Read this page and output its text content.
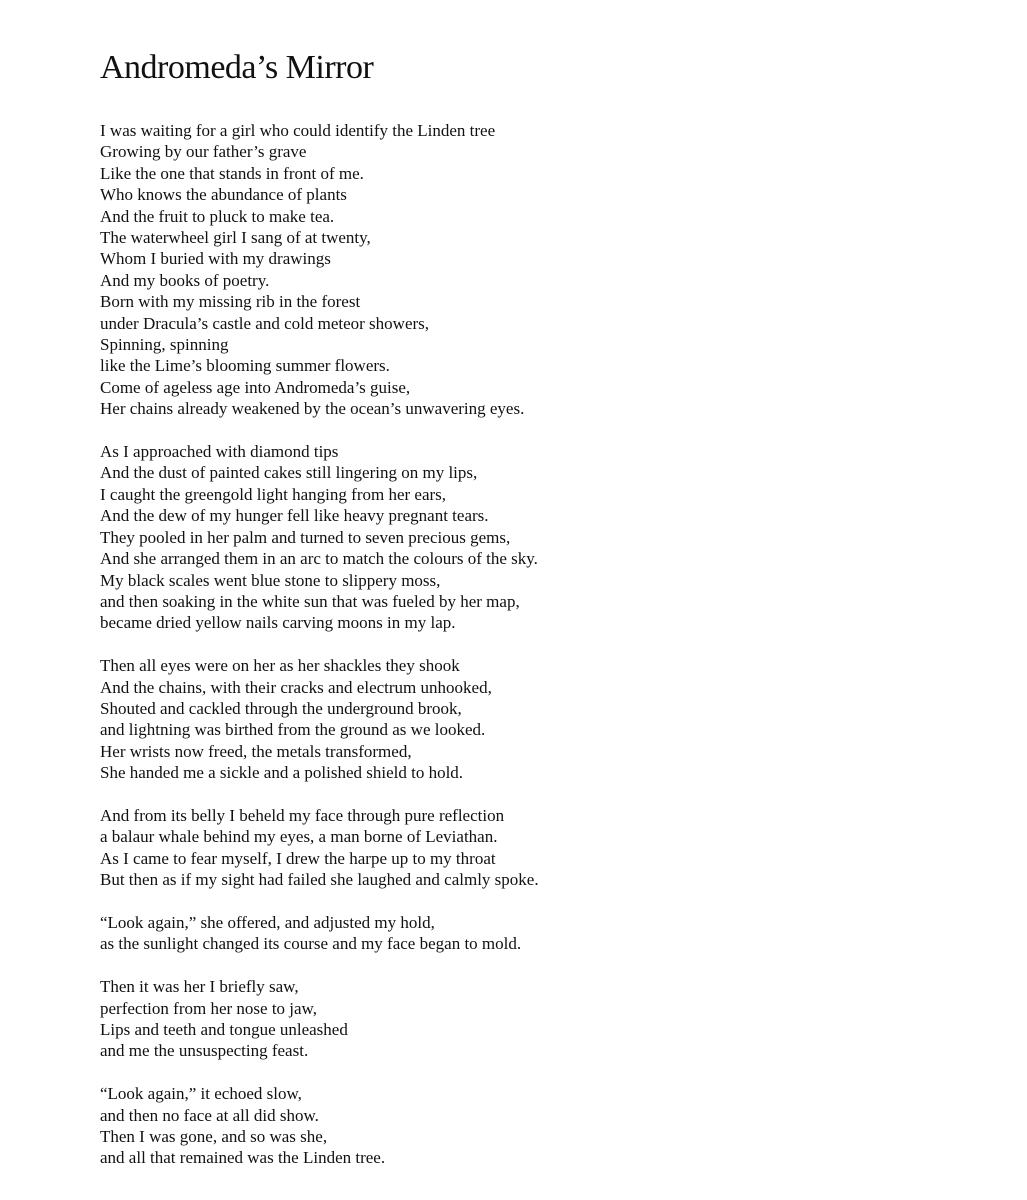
Andromeda’s Mirror
I was waiting for a girl who could identify the Linden tree
Growing by our father’s grave
Like the one that stands in front of me.
Who knows the abundance of plants
And the fruit to pluck to make tea.
The waterwheel girl I sang of at twenty,
Whom I buried with my drawings
And my books of poetry.
Born with my missing rib in the forest
under Dracula’s castle and cold meteor showers,
Spinning, spinning
like the Lime’s blooming summer flowers.
Come of ageless age into Andromeda’s guise,
Her chains already weakened by the ocean’s unwavering eyes.
As I approached with diamond tips
And the dust of painted cakes still lingering on my lips,
I caught the greengold light hanging from her ears,
And the dew of my hunger fell like heavy pregnant tears.
They pooled in her palm and turned to seven precious gems,
And she arranged them in an arc to match the colours of the sky.
My black scales went blue stone to slippery moss,
and then soaking in the white sun that was fueled by her map,
became dried yellow nails carving moons in my lap.
Then all eyes were on her as her shackles they shook
And the chains, with their cracks and electrum unhooked,
Shouted and cackled through the underground brook,
and lightning was birthed from the ground as we looked.
Her wrists now freed, the metals transformed,
She handed me a sickle and a polished shield to hold.
And from its belly I beheld my face through pure reflection
a balaur whale behind my eyes, a man borne of Leviathan.
As I came to fear myself, I drew the harpe up to my throat
But then as if my sight had failed she laughed and calmly spoke.
“Look again,” she offered, and adjusted my hold,
as the sunlight changed its course and my face began to mold.
Then it was her I briefly saw,
perfection from her nose to jaw,
Lips and teeth and tongue unleashed
and me the unsuspecting feast.
“Look again,” it echoed slow,
and then no face at all did show.
Then I was gone, and so was she,
and all that remained was the Linden tree.
